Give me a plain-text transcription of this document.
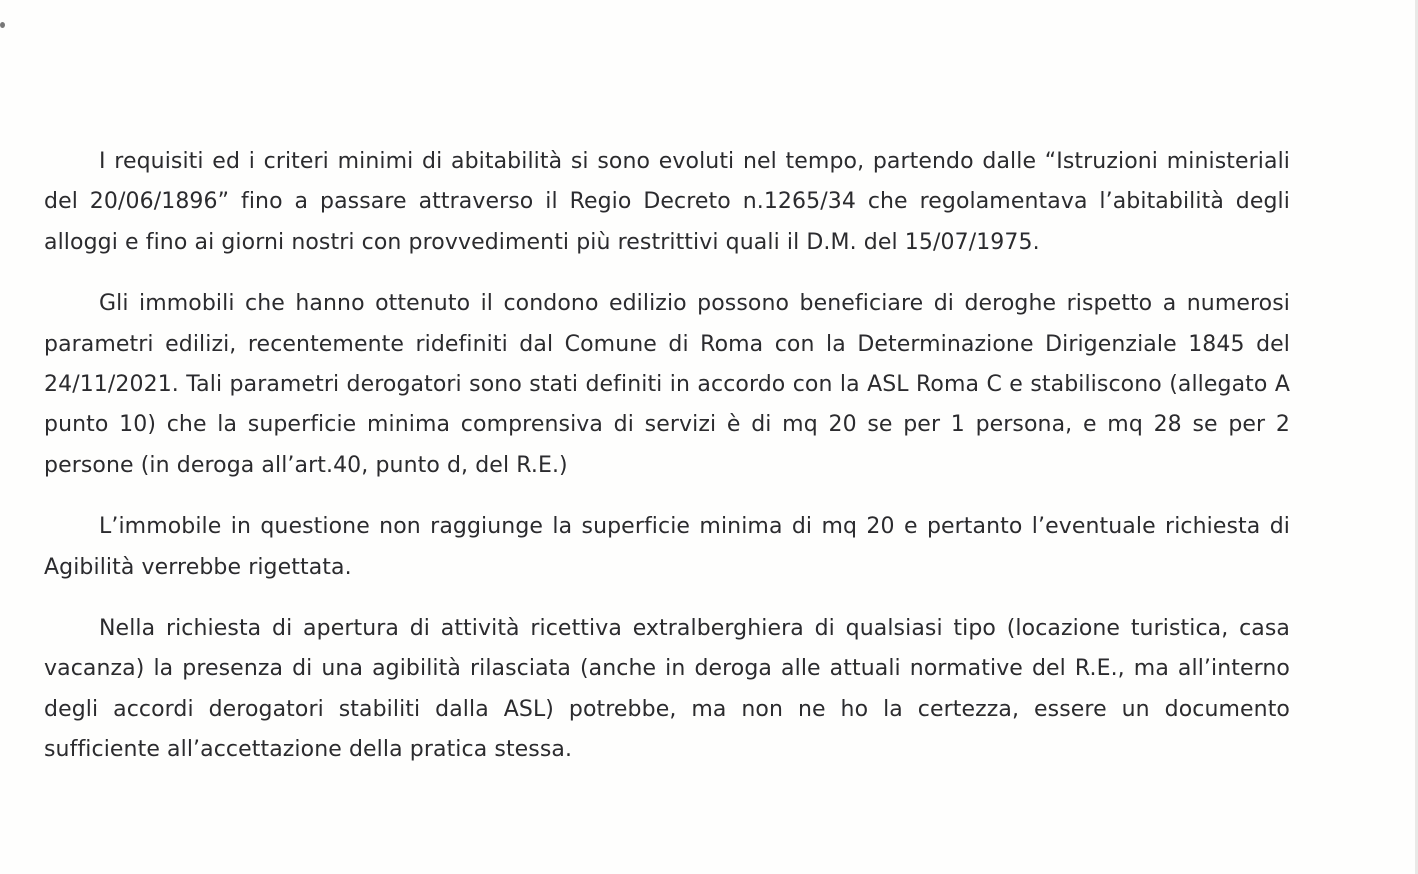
I requisiti ed i criteri minimi di abitabilità si sono evoluti nel tempo, partendo dalle “Istruzioni ministeriali del 20/06/1896” fino a passare attraverso il Regio Decreto n.1265/34 che regolamentava l’abitabilità degli alloggi e fino ai giorni nostri con provvedimenti più restrittivi quali il D.M. del 15/07/1975.

Gli immobili che hanno ottenuto il condono edilizio possono beneficiare di deroghe rispetto a numerosi parametri edilizi, recentemente ridefiniti dal Comune di Roma con la Determinazione Dirigenziale 1845 del 24/11/2021. Tali parametri derogatori sono stati definiti in accordo con la ASL Roma C e stabiliscono (allegato A punto 10) che la superficie minima comprensiva di servizi è di mq 20 se per 1 persona, e mq 28 se per 2 persone (in deroga all’art.40, punto d, del R.E.)

L’immobile in questione non raggiunge la superficie minima di mq 20 e pertanto l’eventuale richiesta di Agibilità verrebbe rigettata.

Nella richiesta di apertura di attività ricettiva extralberghiera di qualsiasi tipo (locazione turistica, casa vacanza) la presenza di una agibilità rilasciata (anche in deroga alle attuali normative del R.E., ma all’interno degli accordi derogatori stabiliti dalla ASL) potrebbe, ma non ne ho la certezza, essere un documento sufficiente all’accettazione della pratica stessa.
